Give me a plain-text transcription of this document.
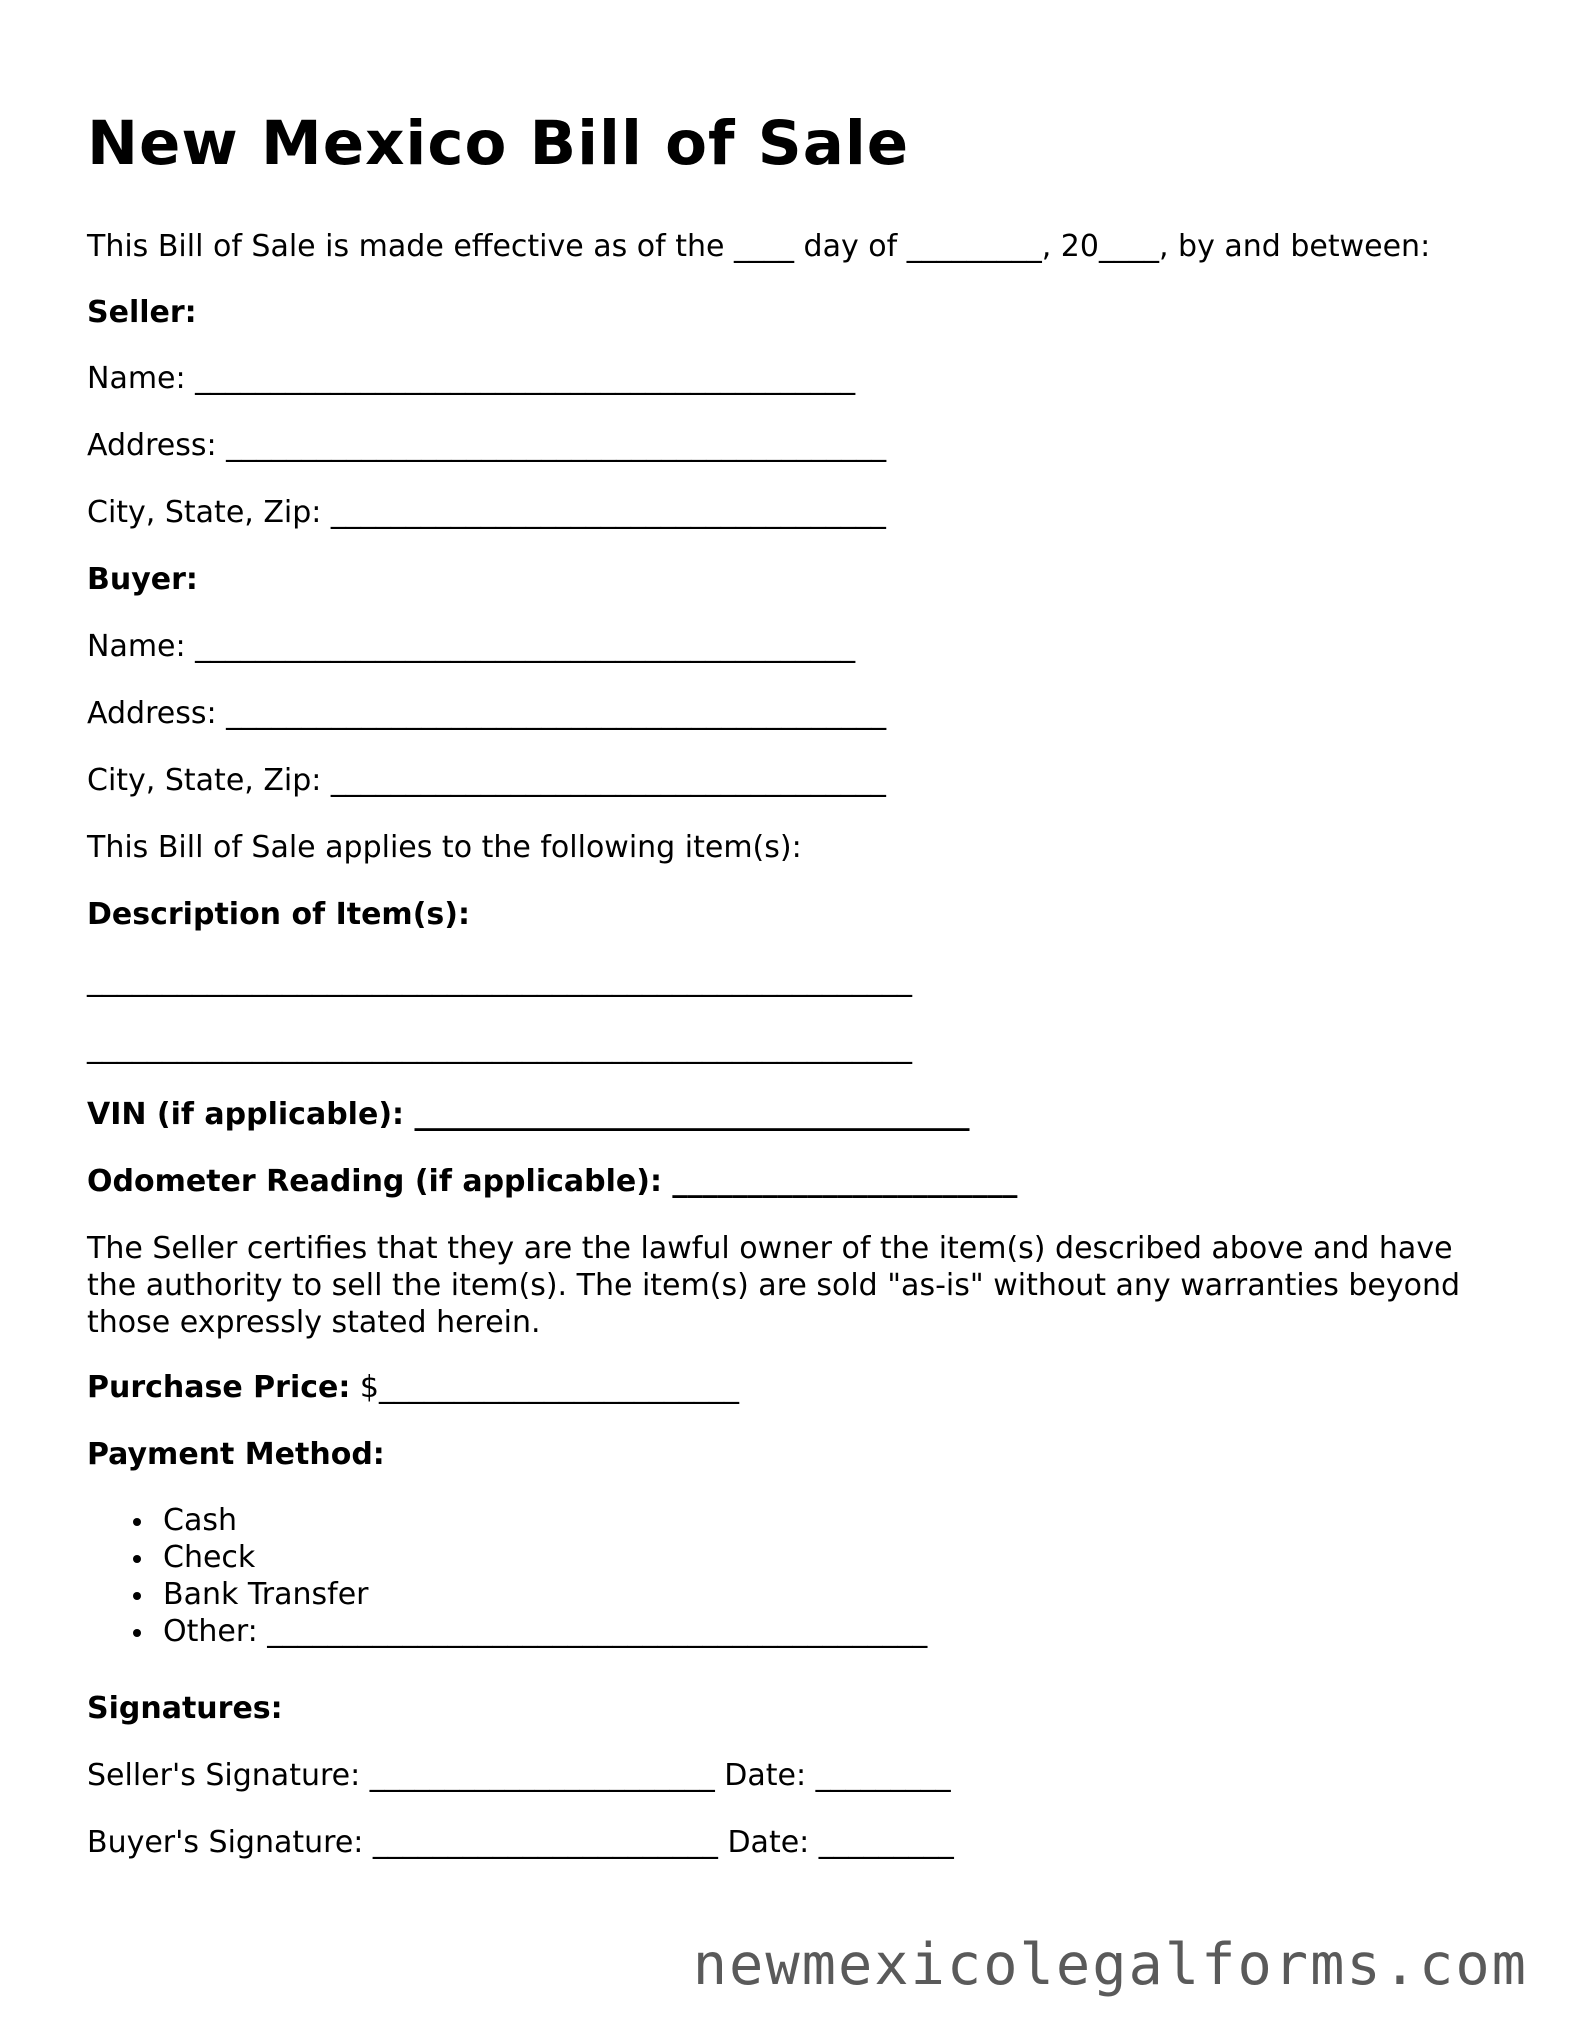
New Mexico Bill of Sale

This Bill of Sale is made effective as of the ____ day of _________, 20____, by and between:

Seller:

Name: ____________________________________________

Address: ____________________________________________

City, State, Zip: _____________________________________

Buyer:

Name: ____________________________________________

Address: ____________________________________________

City, State, Zip: _____________________________________

This Bill of Sale applies to the following item(s):

Description of Item(s):

_______________________________________________________

_______________________________________________________

VIN (if applicable): _____________________________________

Odometer Reading (if applicable): _______________________

The Seller certifies that they are the lawful owner of the item(s) described above and have the authority to sell the item(s). The item(s) are sold "as-is" without any warranties beyond those expressly stated herein.

Purchase Price: $________________________

Payment Method:

Cash
Check
Bank Transfer
Other: ____________________________________________

Signatures:

Seller's Signature: _______________________ Date: _________

Buyer's Signature: _______________________ Date: _________

newmexicolegalforms.com
